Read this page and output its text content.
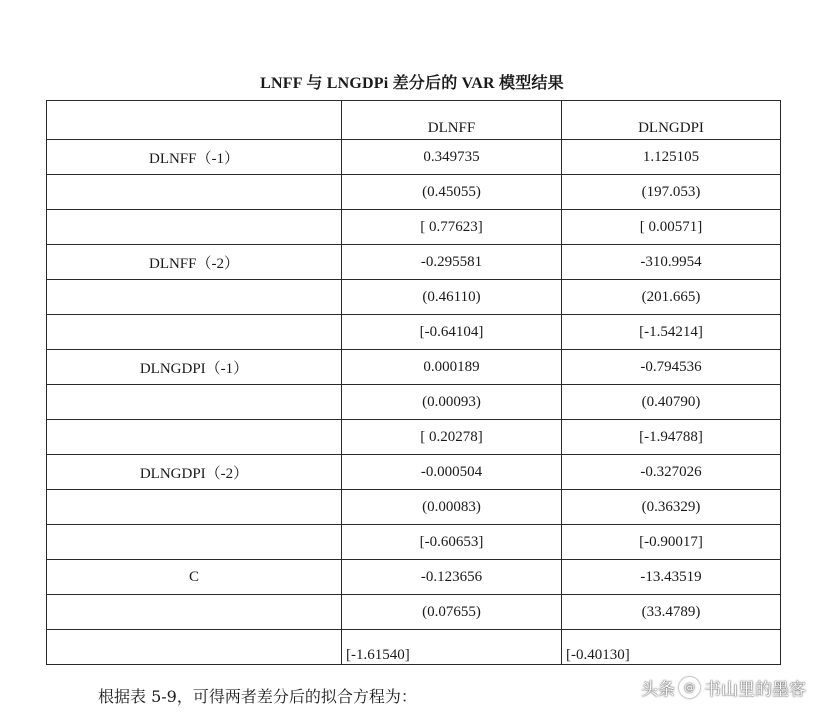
LNFF 与 LNGDPi 差分后的 VAR 模型结果
	DLNFF	DLNGDPI
DLNFF（-1）	0.349735	1.125105
	(0.45055)	(197.053)
	[ 0.77623]	[ 0.00571]
DLNFF（-2）	-0.295581	-310.9954
	(0.46110)	(201.665)
	[-0.64104]	[-1.54214]
DLNGDPI（-1）	0.000189	-0.794536
	(0.00093)	(0.40790)
	[ 0.20278]	[-1.94788]
DLNGDPI（-2）	-0.000504	-0.327026
	(0.00083)	(0.36329)
	[-0.60653]	[-0.90017]
C	-0.123656	-13.43519
	(0.07655)	(33.4789)
	[-1.61540]	[-0.40130]
根据表 5-9，可得两者差分后的拟合方程为：	头条 @ 书山里的墨客
